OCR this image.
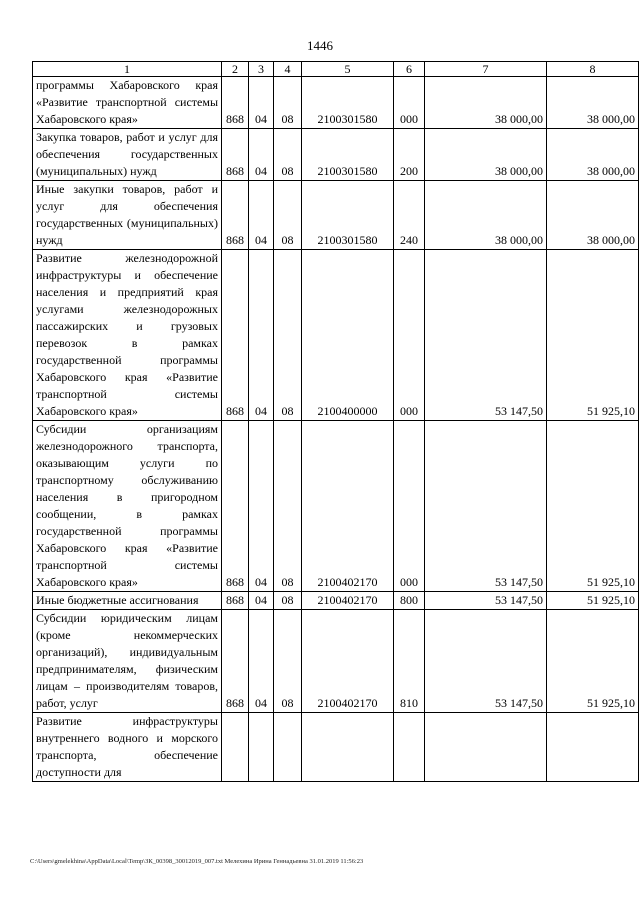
1446
1	2	3	4	5	6	7	8
программы Хабаровского края «Развитие транспортной системы Хабаровского края»	868	04	08	2100301580	000	38 000,00	38 000,00
Закупка товаров, работ и услуг для обеспечения государственных (муниципальных) нужд	868	04	08	2100301580	200	38 000,00	38 000,00
Иные закупки товаров, работ и услуг для обеспечения государственных (муниципальных) нужд	868	04	08	2100301580	240	38 000,00	38 000,00
Развитие железнодорожной инфраструктуры и обеспечение населения и предприятий края услугами железнодорожных пассажирских и грузовых перевозок в рамках государственной программы Хабаровского края «Развитие транспортной системы Хабаровского края»	868	04	08	2100400000	000	53 147,50	51 925,10
Субсидии организациям железнодорожного транспорта, оказывающим услуги по транспортному обслуживанию населения в пригородном сообщении, в рамках государственной программы Хабаровского края «Развитие транспортной системы Хабаровского края»	868	04	08	2100402170	000	53 147,50	51 925,10
Иные бюджетные ассигнования	868	04	08	2100402170	800	53 147,50	51 925,10
Субсидии юридическим лицам (кроме некоммерческих организаций), индивидуальным предпринимателям, физическим лицам – производителям товаров, работ, услуг	868	04	08	2100402170	810	53 147,50	51 925,10
Развитие инфраструктуры внутреннего водного и морского транспорта, обеспечение доступности для							
C:\Users\gmelekhina\AppData\Local\Temp\ЗК_00398_30012019_007.txt Мелехина Ирина Геннадьевна 31.01.2019 11:56:23
